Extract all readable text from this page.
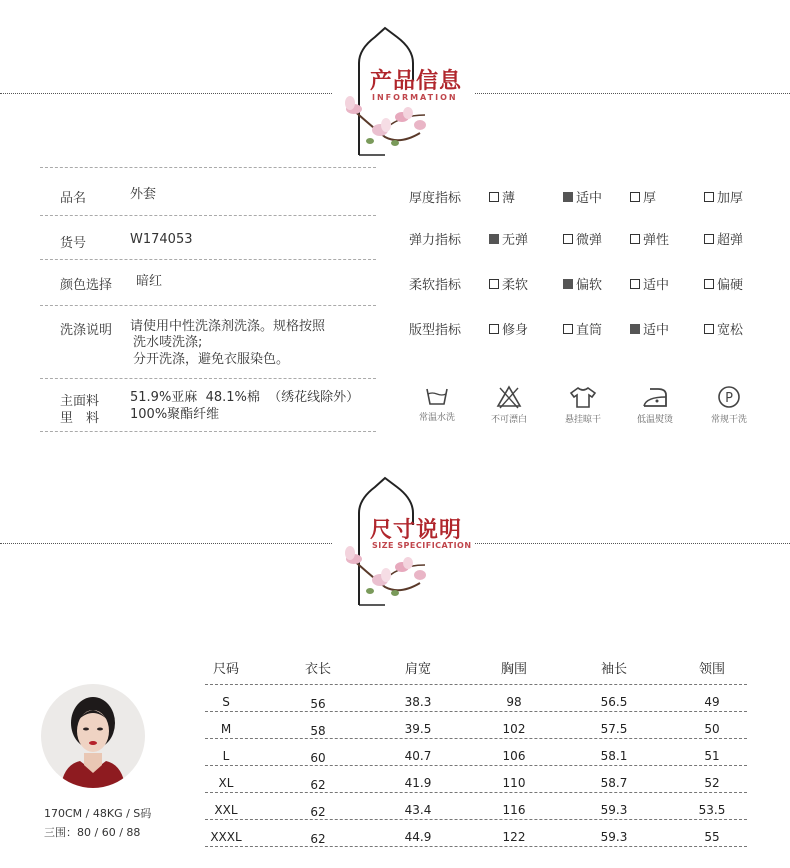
产品信息
INFORMATION
品名	外套
货号	W174053
颜色选择 暗红
洗涤说明 请使用中性洗涤剂洗涤。规格按照
洗水唛洗涤;
分开洗涤，避免衣服染色。
主面料 51.9%亚麻  48.1%棉  （绣花线除外）
里　料 100%聚酯纤维
厚度指标	薄	适中	厚	加厚
弹力指标	无弹	微弹	弹性	超弹
柔软指标	柔软	偏软	适中	偏硬
版型指标	修身	直筒	适中	宽松
常温水洗	不可漂白	悬挂晾干	低温熨烫
P
常规干洗
尺寸说明
SIZE SPECIFICATION
170CM / 48KG / S码
三围：80 / 60 / 88
尺码	衣长	肩宽	胸围	袖长	领围
S	56	38.3	98	56.5	49
M	58	39.5	102	57.5	50
L	60	40.7	106	58.1	51
XL	62	41.9	110	58.7	52
XXL	62	43.4	116	59.3	53.5
XXXL	62	44.9	122	59.3	55
